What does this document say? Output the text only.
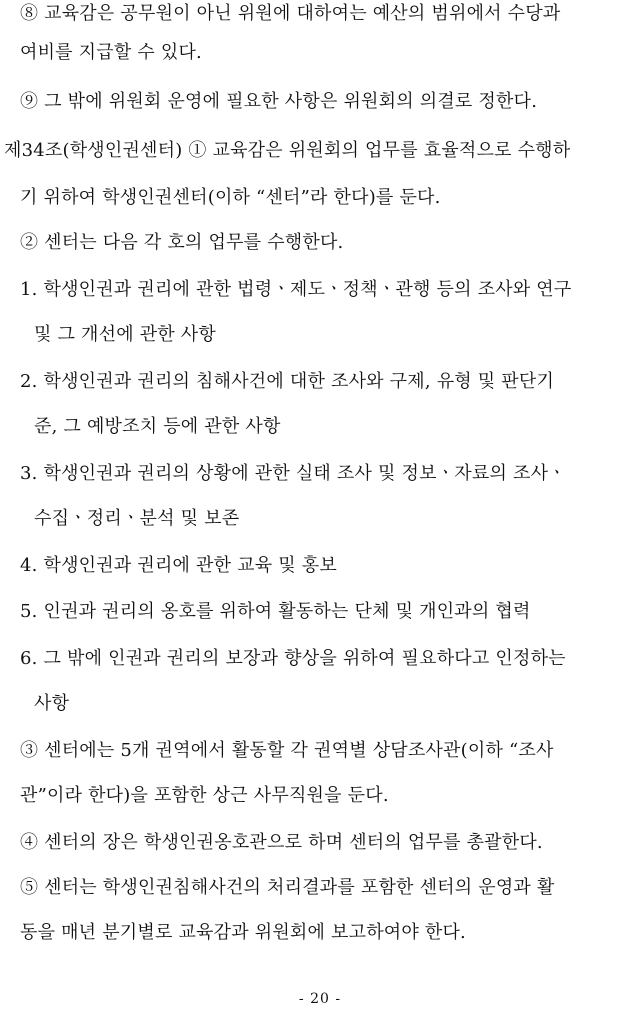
⑧ 교육감은 공무원이 아닌 위원에 대하여는 예산의 범위에서 수당과
여비를 지급할 수 있다.
⑨ 그 밖에 위원회 운영에 필요한 사항은 위원회의 의결로 정한다.
제34조(학생인권센터) ① 교육감은 위원회의 업무를 효율적으로 수행하
기 위하여 학생인권센터(이하 “센터”라 한다)를 둔다.
② 센터는 다음 각 호의 업무를 수행한다.
1. 학생인권과 권리에 관한 법령ㆍ제도ㆍ정책ㆍ관행 등의 조사와 연구
및 그 개선에 관한 사항
2. 학생인권과 권리의 침해사건에 대한 조사와 구제, 유형 및 판단기
준, 그 예방조치 등에 관한 사항
3. 학생인권과 권리의 상황에 관한 실태 조사 및 정보ㆍ자료의 조사ㆍ
수집ㆍ정리ㆍ분석 및 보존
4. 학생인권과 권리에 관한 교육 및 홍보
5. 인권과 권리의 옹호를 위하여 활동하는 단체 및 개인과의 협력
6. 그 밖에 인권과 권리의 보장과 향상을 위하여 필요하다고 인정하는
사항
③ 센터에는 5개 권역에서 활동할 각 권역별 상담조사관(이하 “조사
관”이라 한다)을 포함한 상근 사무직원을 둔다.
④ 센터의 장은 학생인권옹호관으로 하며 센터의 업무를 총괄한다.
⑤ 센터는 학생인권침해사건의 처리결과를 포함한 센터의 운영과 활
동을 매년 분기별로 교육감과 위원회에 보고하여야 한다.
- 20 -
